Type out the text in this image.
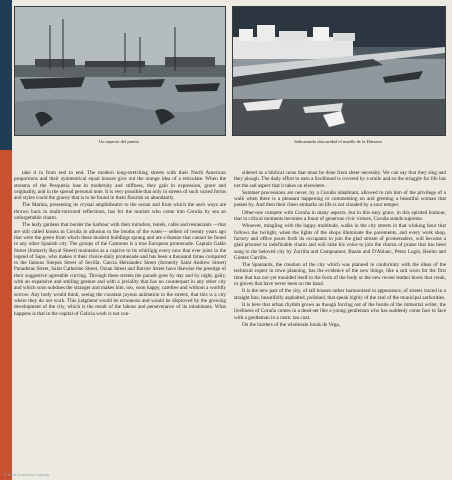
Un aspecto del puerto	Saboreando obscuridad el muelle de la Dársena

take it in from end to end. The modern long-stretching streets with their North American proportions and their symmetrical equal houses give out the orange idea of a reticulate. When the streams of the Pesquería lose in modernity and stiffness, they gain in expression, grace and originality, and in the spread personal note. It is very possible that only in streets of such varied forms and styles could the gracey that is to be found in them flourish so abundantly.

The Marina, presenting its crystal amphitheatre to the ocean and from which the sea's ways are thrown back in multi-mirrored reflections, has for the tourists who come into Coruña by sea an unforgettable charm.

The leafy gardens that border the harbour with their miradors, hotels, cafés and restaurants —that are still called kiosks in Coruña in allusion to the booths of the water— sellers of twenty years ago that were the green from which these modern buildings sprang and are a feature that cannot be found in any other Spanish city. The groups of the Cantones is a true European promenade. Captain Galán Street (formerly Royal Street) maintains as a captive to its whirligig every now that ever joins in the legend of Sapo, who makes it their choice-daily promenade and has been a thousand times compared to the famous Sierpes Street of Sevilla. García Hernández Street (formerly Saint Andrew Street) Panaderas Street, Saint Catherine Street, Orzan Street and Barrier Street have likewise the prestige of their suggestive agreeable curving. Through these streets the parade goes by day and by night, gaily, with an expansive and smiling gesture and with a joviality that has no counterpart in any other city and which soon subdues the stranger and makes him, too, soon happy, carefree and without a worldly sorrow. Any body would think, seeing the constant joyous animation in the streets, that this is a city where they do not work. This judgment would be erroneous and would be disproved by the growing development of the city, which is the result of the labour and perseverance of its inhabitants. What happens is that in the capital of Galicia work is not con-

sidered as a biblical curse that must be done from sheer necessity. We can say that they sing and they plough. The daily effort to earn a livelihood is covered by a smile and so the struggle for life has not the sad aspect that it takes on elsewhere.

Summer processions are never, by a Coruña inhabitant, allowed to rob him of the privilege of a walk when there is a pleasant happening or commenting on and greeting a beautiful woman that passes by. And then their cheer embarks on life is not clouded by a sour temper.

Other-one compete with Coruña in many aspects, but in this easy grace, in this spirited humour, that in critical moments becomes a fount of generous civic virtues, Coruña stands supreme.

Whoever, mingling with the happy multitude, walks in the city streets in that winking hour that follows the twilight, when the lights of the shops illuminate the pavements, and every work shop, factory and office pours forth its occupants to join the glad stream of promenaders, will become a glad prisoner to indefinable charm and will raise his voice to join the chorus of praise that has been sung to the beloved city by Zorrilla and Campoamor, Bazán and D'Ablanc, Pérez Lugín, Benito and Gómez Carrillo.

The Spaniards, the creation of the city which was planned in conformity with the ideas of the technical expert in town planning, has the evidence of the new things, like a suit worn for the first time that has not yet moulded itself to the form of the body or the new recent leather boots that creak, or gloves that have never been on the hand.

It is the new part of the city, of tall houses rather harmonized in appearance, of streets traced in a straight line, beautifully asphalted, polished, that speak highly of the zeal of the municipal authorities.

It is here that urban rhythm grows as though forcing out of the bustle of the immortal writer, the liveliness of Coruña comes in a dead-set like a young gentleman who has suddenly come face to face with a gentleman in a rustic tan coat.

On the borders of the wholesale Jonás de Vega,

© Real Academia Galega
